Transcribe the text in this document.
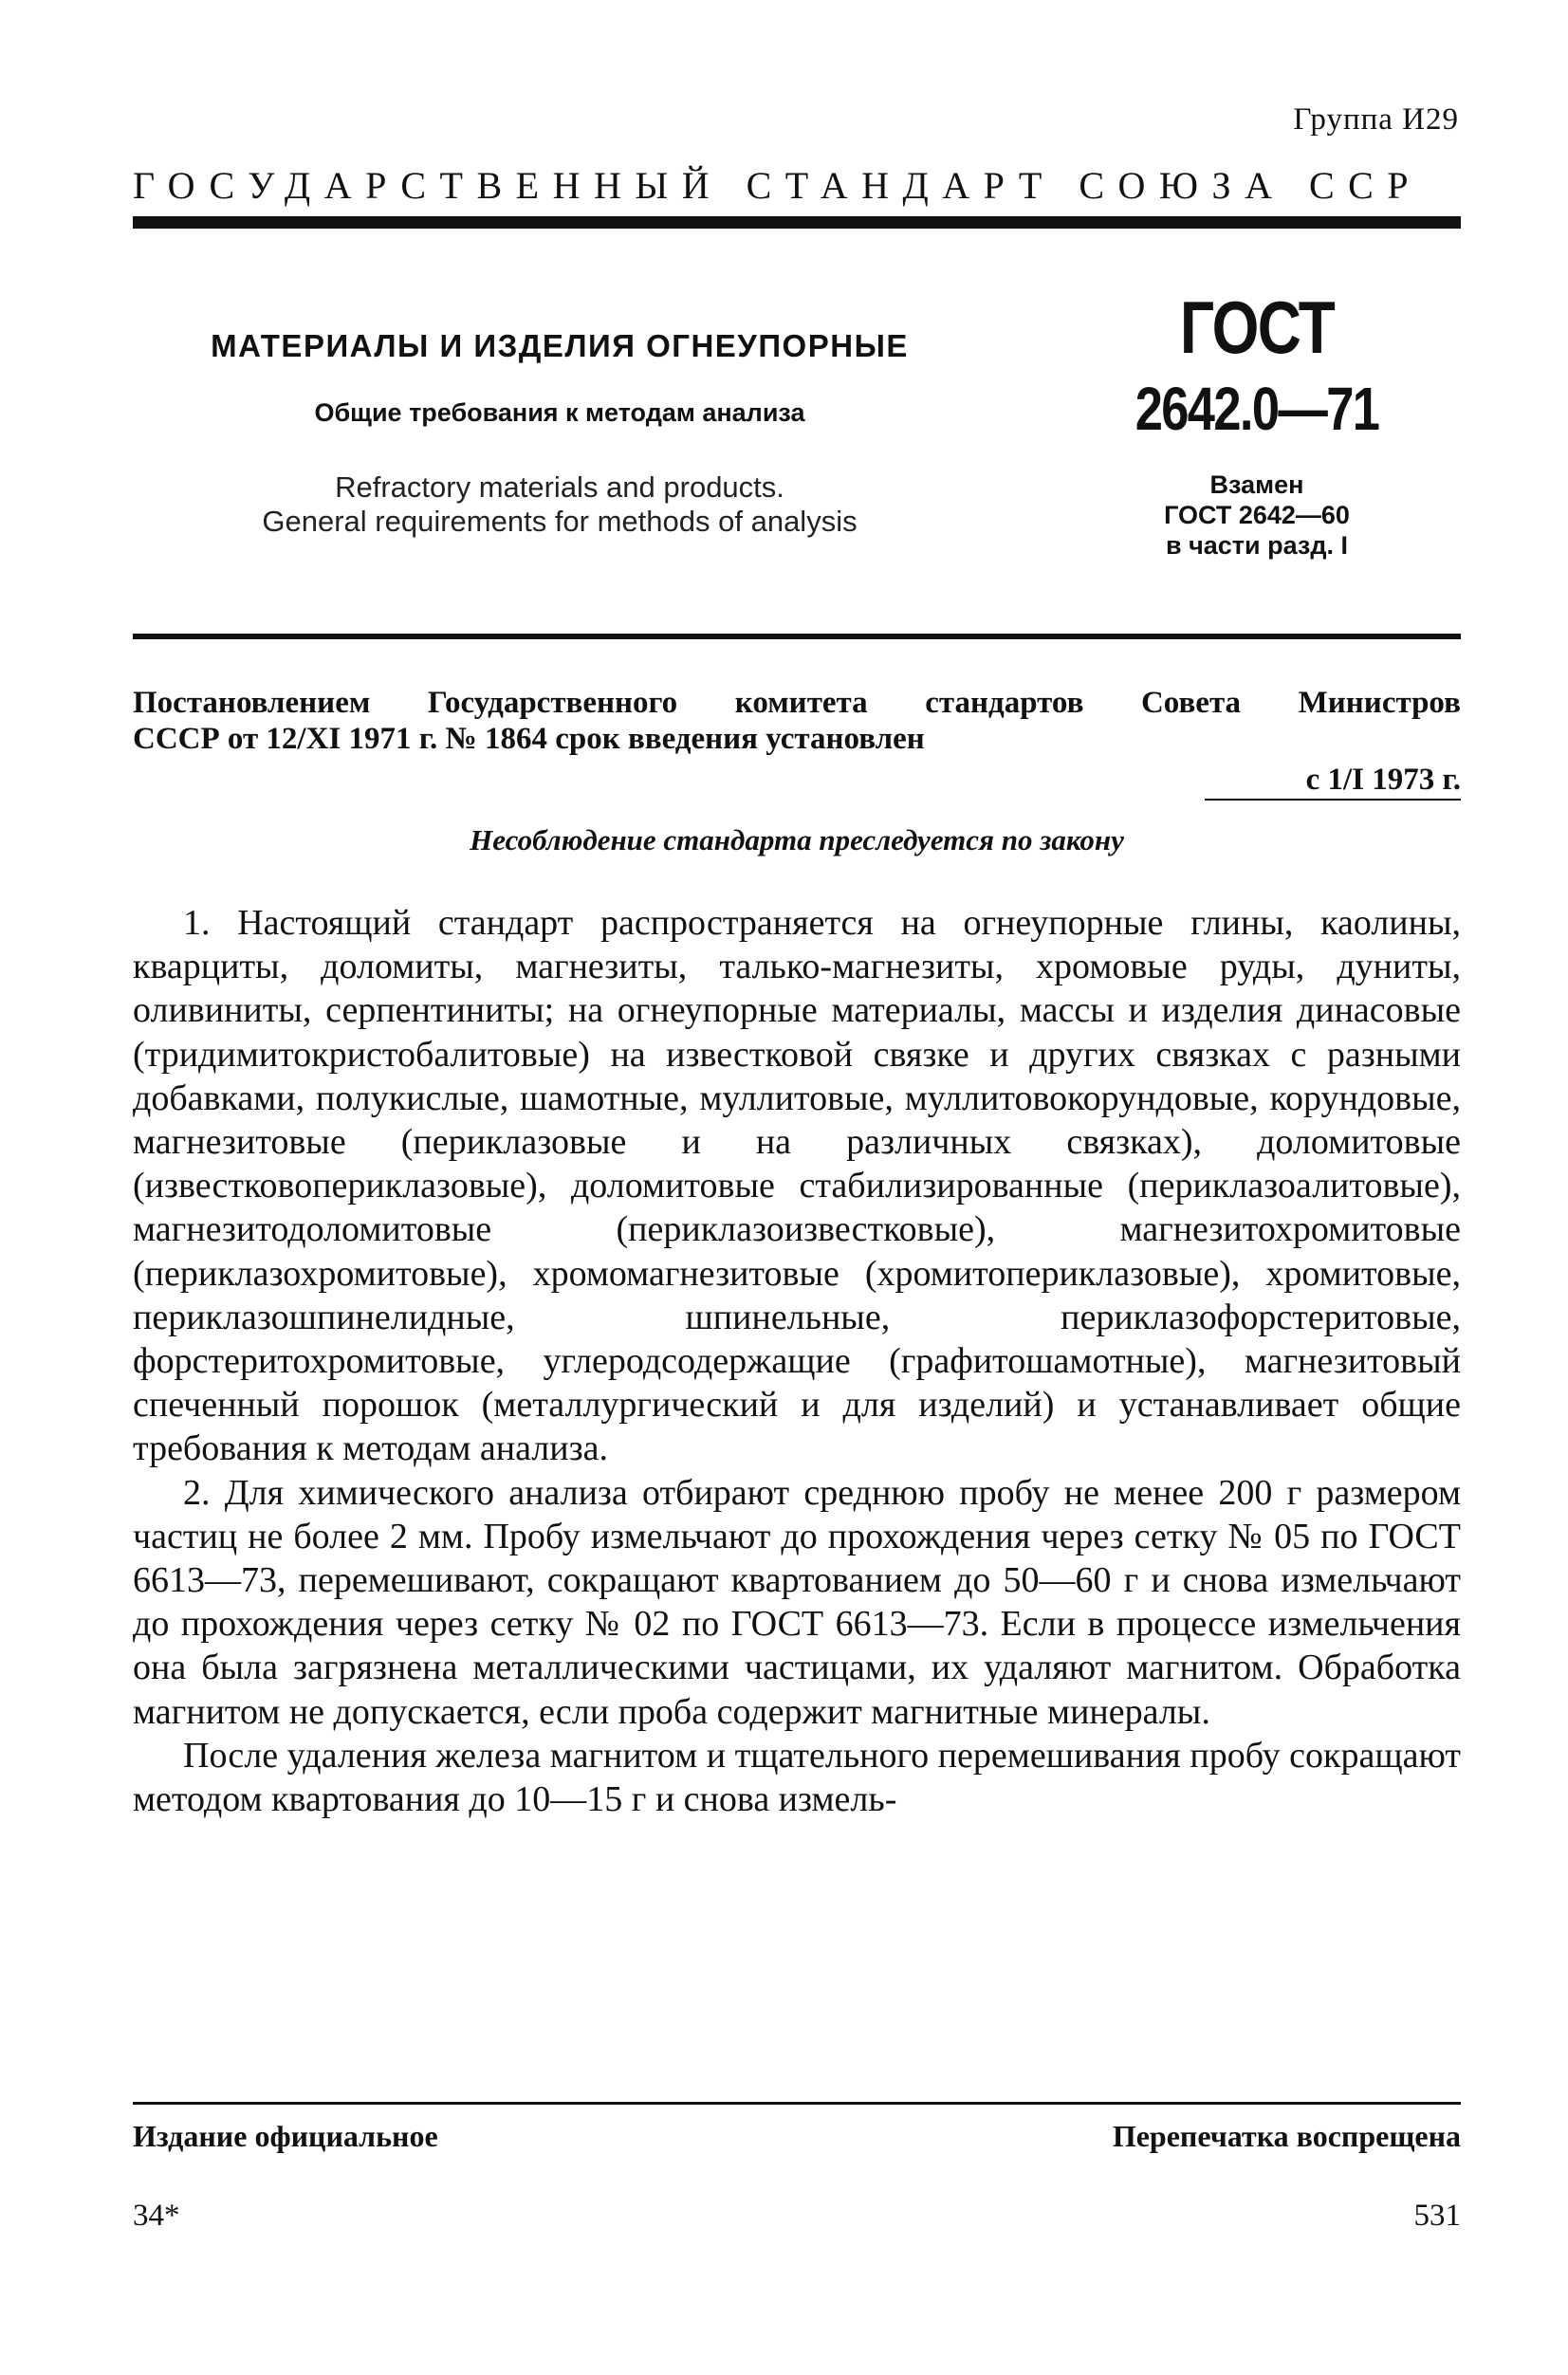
Группа И29
ГОСУДАРСТВЕННЫЙ СТАНДАРТ СОЮЗА ССР
МАТЕРИАЛЫ И ИЗДЕЛИЯ ОГНЕУПОРНЫЕ
Общие требования к методам анализа
Refractory materials and products.
General requirements for methods of analysis
ГОСТ
2642.0—71
Взамен
ГОСТ 2642—60
в части разд. I
Постановлением Государственного комитета стандартов Совета Министров
СССР от 12/XI 1971 г. № 1864 срок введения установлен
с 1/I 1973 г.
Несоблюдение стандарта преследуется по закону

1. Настоящий стандарт распространяется на огнеупорные глины, каолины, кварциты, доломиты, магнезиты, талько-магнезиты, хромовые руды, дуниты, оливиниты, серпентиниты; на огнеупорные материалы, массы и изделия динасовые (тридимитокристобалитовые) на известковой связке и других связках с разными добавками, полукислые, шамотные, муллитовые, муллитовокорундовые, корундовые, магнезитовые (периклазовые и на различных связках), доломитовые (известковопериклазовые), доломитовые стабилизированные (периклазоалитовые), магнезитодоломитовые (периклазоизвестковые), магнезитохромитовые (периклазохромитовые), хромомагнезитовые (хромитопериклазовые), хромитовые, периклазошпинелидные, шпинельные, периклазофорстеритовые, форстеритохромитовые, углеродсодержащие (графитошамотные), магнезитовый спеченный порошок (металлургический и для изделий) и устанавливает общие требования к методам анализа.

2. Для химического анализа отбирают среднюю пробу не менее 200 г размером частиц не более 2 мм. Пробу измельчают до прохождения через сетку № 05 по ГОСТ 6613—73, перемешивают, сокращают квартованием до 50—60 г и снова измельчают до прохождения через сетку № 02 по ГОСТ 6613—73. Если в процессе измельчения она была загрязнена металлическими частицами, их удаляют магнитом. Обработка магнитом не допускается, если проба содержит магнитные минералы.

После удаления железа магнитом и тщательного перемешивания пробу сокращают методом квартования до 10—15 г и снова измель-

Издание официальное	Перепечатка воспрещена
34*	531
